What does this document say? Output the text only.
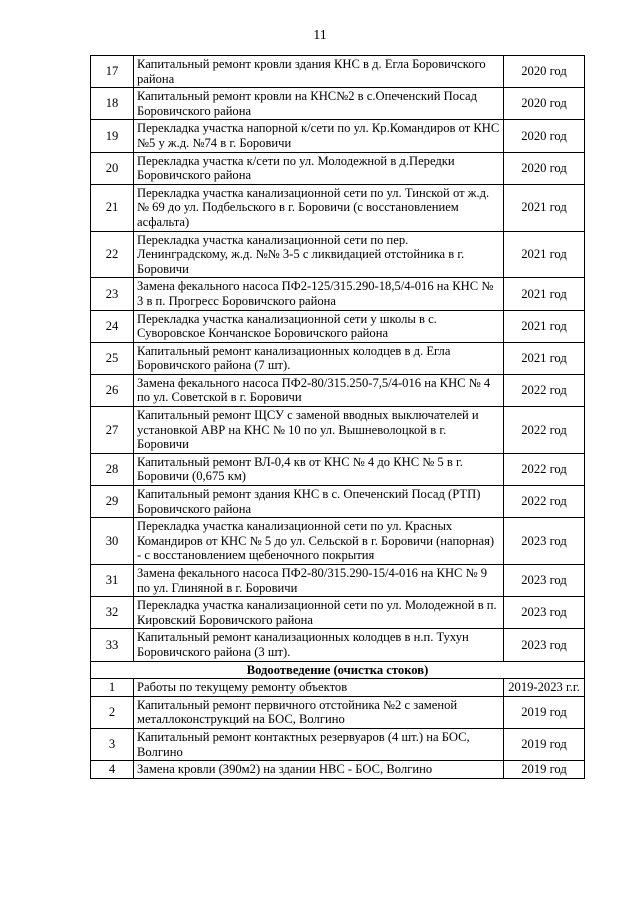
11
17	Капитальный ремонт кровли здания КНС в д. Егла Боровичского района	2020 год
18	Капитальный ремонт кровли на КНС№2 в с.Опеченский Посад Боровичского района	2020 год
19	Перекладка участка напорной к/сети по ул. Кр.Командиров от КНС №5 у ж.д. №74 в г. Боровичи	2020 год
20	Перекладка участка к/сети по ул. Молодежной в д.Передки Боровичского района	2020 год
21	Перекладка участка канализационной сети по ул. Тинской от ж.д. № 69 до ул. Подбельского в г. Боровичи (с восстановлением асфальта)	2021 год
22	Перекладка участка канализационной сети по пер. Ленинградскому, ж.д. №№ 3-5 с ликвидацией отстойника в г. Боровичи	2021 год
23	Замена фекального насоса ПФ2-125/315.290-18,5/4-016 на КНС № 3 в п. Прогресс Боровичского района	2021 год
24	Перекладка участка канализационной сети у школы в с. Суворовское Кончанское Боровичского района	2021 год
25	Капитальный ремонт канализационных колодцев в д. Егла Боровичского района (7 шт).	2021 год
26	Замена фекального насоса ПФ2-80/315.250-7,5/4-016 на КНС № 4 по ул. Советской в г. Боровичи	2022 год
27	Капитальный ремонт ЩСУ с заменой вводных выключателей и установкой АВР на КНС № 10 по ул. Вышневолоцкой в г. Боровичи	2022 год
28	Капитальный ремонт ВЛ-0,4 кв от КНС № 4 до КНС № 5 в г. Боровичи (0,675 км)	2022 год
29	Капитальный ремонт здания КНС в с. Опеченский Посад (РТП) Боровичского района	2022 год
30	Перекладка участка канализационной сети по ул. Красных Командиров от КНС № 5 до ул. Сельской в г. Боровичи (напорная) - с восстановлением щебеночного покрытия	2023 год
31	Замена фекального насоса ПФ2-80/315.290-15/4-016 на КНС № 9 по ул. Глиняной в г. Боровичи	2023 год
32	Перекладка участка канализационной сети по ул. Молодежной в п. Кировский Боровичского района	2023 год
33	Капитальный ремонт канализационных колодцев в н.п. Тухун Боровичского района (3 шт).	2023 год
Водоотведение (очистка стоков)		
1	Работы по текущему ремонту объектов	2019-2023 г.г.
2	Капитальный ремонт первичного отстойника №2 с заменой металлоконструкций на БОС, Волгино	2019 год
3	Капитальный ремонт контактных резервуаров (4 шт.) на БОС, Волгино	2019 год
4	Замена кровли (390м2) на здании НВС - БОС, Волгино	2019 год
